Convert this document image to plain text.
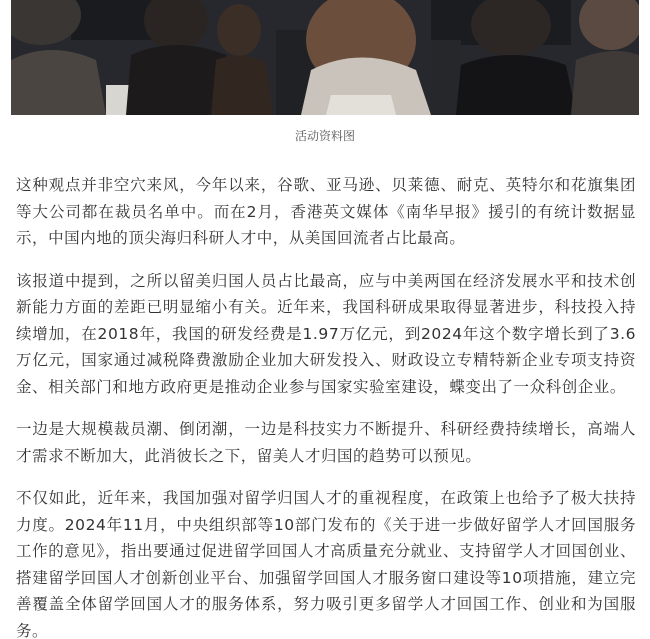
活动资料图

这种观点并非空穴来风，今年以来，谷歌、亚马逊、贝莱德、耐克、英特尔和花旗集团等大公司都在裁员名单中。而在2月，香港英文媒体《南华早报》援引的有统计数据显示，中国内地的顶尖海归科研人才中，从美国回流者占比最高。

该报道中提到，之所以留美归国人员占比最高，应与中美两国在经济发展水平和技术创新能力方面的差距已明显缩小有关。近年来，我国科研成果取得显著进步，科技投入持续增加，在2018年，我国的研发经费是1.97万亿元，到2024年这个数字增长到了3.6万亿元，国家通过减税降费激励企业加大研发投入、财政设立专精特新企业专项支持资金、相关部门和地方政府更是推动企业参与国家实验室建设，蝶变出了一众科创企业。

一边是大规模裁员潮、倒闭潮，一边是科技实力不断提升、科研经费持续增长，高端人才需求不断加大，此消彼长之下，留美人才归国的趋势可以预见。

不仅如此，近年来，我国加强对留学归国人才的重视程度，在政策上也给予了极大扶持力度。2024年11月，中央组织部等10部门发布的《关于进一步做好留学人才回国服务工作的意见》，指出要通过促进留学回国人才高质量充分就业、支持留学人才回国创业、搭建留学回国人才创新创业平台、加强留学回国人才服务窗口建设等10项措施，建立完善覆盖全体留学回国人才的服务体系，努力吸引更多留学人才回国工作、创业和为国服务。
